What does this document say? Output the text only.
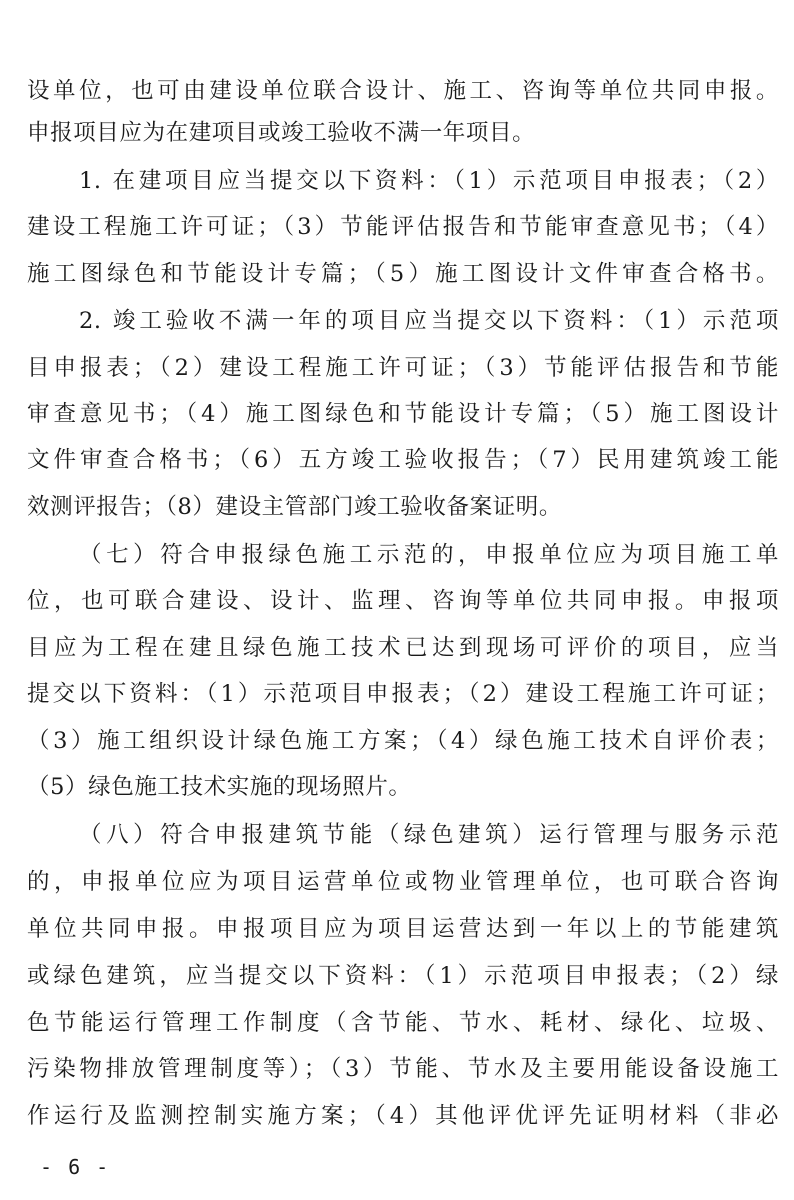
设单位，也可由建设单位联合设计、施工、咨询等单位共同申报。
申报项目应为在建项目或竣工验收不满一年项目。
1. 在建项目应当提交以下资料：（1）示范项目申报表；（2）
建设工程施工许可证；（3）节能评估报告和节能审查意见书；（4）
施工图绿色和节能设计专篇；（5）施工图设计文件审查合格书。
2. 竣工验收不满一年的项目应当提交以下资料：（1）示范项
目申报表；（2）建设工程施工许可证；（3）节能评估报告和节能
审查意见书；（4）施工图绿色和节能设计专篇；（5）施工图设计
文件审查合格书；（6）五方竣工验收报告；（7）民用建筑竣工能
效测评报告；（8）建设主管部门竣工验收备案证明。
（七）符合申报绿色施工示范的，申报单位应为项目施工单
位，也可联合建设、设计、监理、咨询等单位共同申报。申报项
目应为工程在建且绿色施工技术已达到现场可评价的项目，应当
提交以下资料：（1）示范项目申报表；（2）建设工程施工许可证；
（3）施工组织设计绿色施工方案；（4）绿色施工技术自评价表；
（5）绿色施工技术实施的现场照片。
（八）符合申报建筑节能（绿色建筑）运行管理与服务示范
的，申报单位应为项目运营单位或物业管理单位，也可联合咨询
单位共同申报。申报项目应为项目运营达到一年以上的节能建筑
或绿色建筑，应当提交以下资料：（1）示范项目申报表；（2）绿
色节能运行管理工作制度（含节能、节水、耗材、绿化、垃圾、
污染物排放管理制度等）；（3）节能、节水及主要用能设备设施工
作运行及监测控制实施方案；（4）其他评优评先证明材料（非必
- 6 -
